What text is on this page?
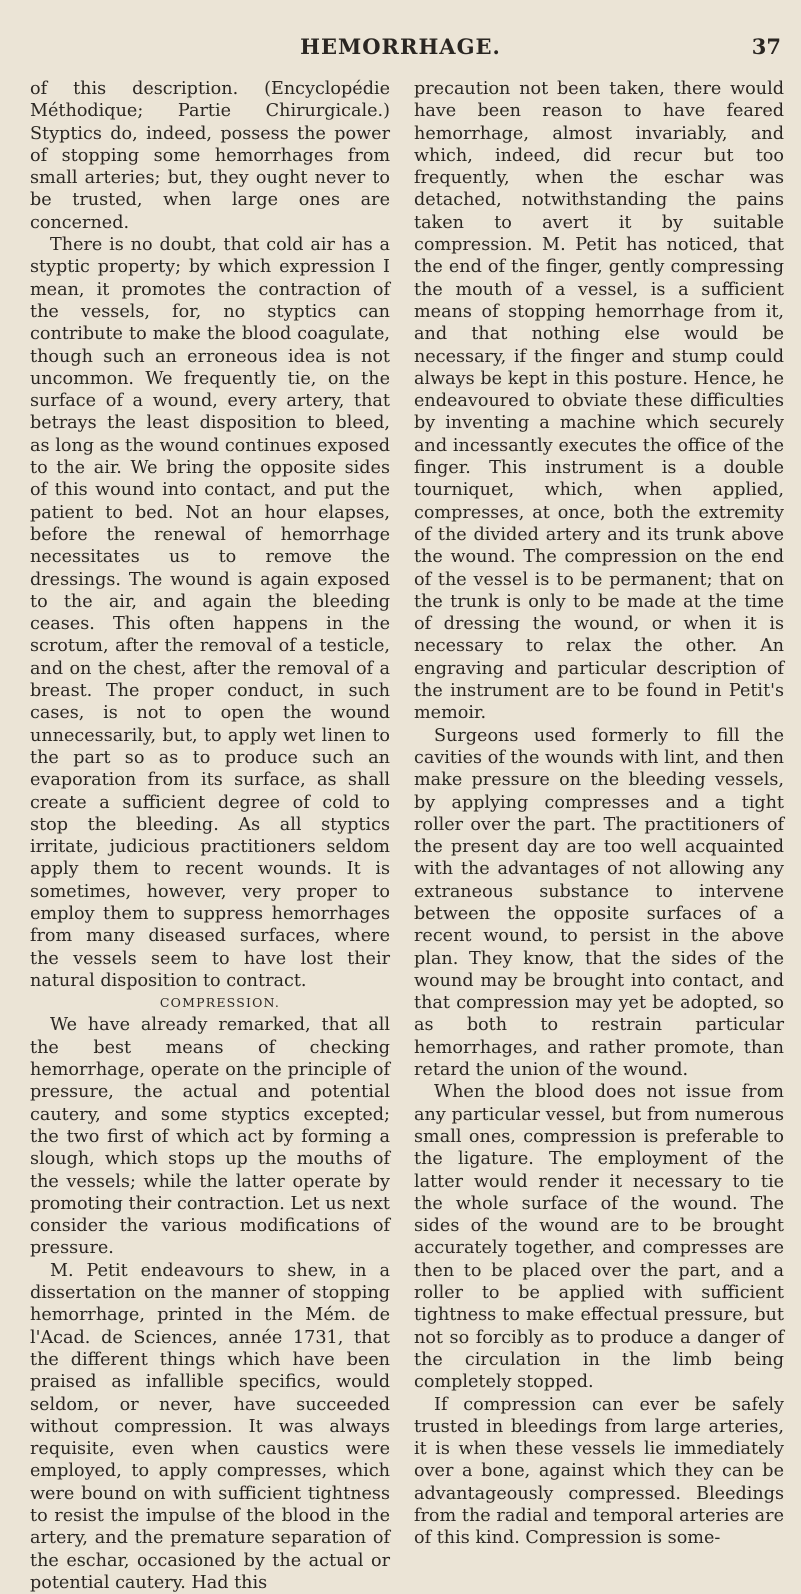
HEMORRHAGE.	37

of this description. (Encyclopédie Méthodique; Partie Chirurgicale.) Styptics do, indeed, possess the power of stopping some hemorrhages from small arteries; but, they ought never to be trusted, when large ones are concerned.

There is no doubt, that cold air has a styptic property; by which expression I mean, it promotes the contraction of the vessels, for, no styptics can contribute to make the blood coagulate, though such an erroneous idea is not uncommon. We frequently tie, on the surface of a wound, every artery, that betrays the least disposition to bleed, as long as the wound continues exposed to the air. We bring the opposite sides of this wound into contact, and put the patient to bed. Not an hour elapses, before the renewal of hemorrhage necessitates us to remove the dressings. The wound is again exposed to the air, and again the bleeding ceases. This often happens in the scrotum, after the removal of a testicle, and on the chest, after the removal of a breast. The proper conduct, in such cases, is not to open the wound unnecessarily, but, to apply wet linen to the part so as to produce such an evaporation from its surface, as shall create a sufficient degree of cold to stop the bleeding. As all styptics irritate, judicious practitioners seldom apply them to recent wounds. It is sometimes, however, very proper to employ them to suppress hemorrhages from many diseased surfaces, where the vessels seem to have lost their natural disposition to contract.

COMPRESSION.

We have already remarked, that all the best means of checking hemorrhage, operate on the principle of pressure, the actual and potential cautery, and some styptics excepted; the two first of which act by forming a slough, which stops up the mouths of the vessels; while the latter operate by promoting their contraction. Let us next consider the various modifications of pressure.

M. Petit endeavours to shew, in a dissertation on the manner of stopping hemorrhage, printed in the Mém. de l'Acad. de Sciences, année 1731, that the different things which have been praised as infallible specifics, would seldom, or never, have succeeded without compression. It was always requisite, even when caustics were employed, to apply compresses, which were bound on with sufficient tightness to resist the impulse of the blood in the artery, and the premature separation of the eschar, occasioned by the actual or potential cautery. Had this

precaution not been taken, there would have been reason to have feared hemorrhage, almost invariably, and which, indeed, did recur but too frequently, when the eschar was detached, notwithstanding the pains taken to avert it by suitable compression. M. Petit has noticed, that the end of the finger, gently compressing the mouth of a vessel, is a sufficient means of stopping hemorrhage from it, and that nothing else would be necessary, if the finger and stump could always be kept in this posture. Hence, he endeavoured to obviate these difficulties by inventing a machine which securely and incessantly executes the office of the finger. This instrument is a double tourniquet, which, when applied, compresses, at once, both the extremity of the divided artery and its trunk above the wound. The compression on the end of the vessel is to be permanent; that on the trunk is only to be made at the time of dressing the wound, or when it is necessary to relax the other. An engraving and particular description of the instrument are to be found in Petit's memoir.

Surgeons used formerly to fill the cavities of the wounds with lint, and then make pressure on the bleeding vessels, by applying compresses and a tight roller over the part. The practitioners of the present day are too well acquainted with the advantages of not allowing any extraneous substance to intervene between the opposite surfaces of a recent wound, to persist in the above plan. They know, that the sides of the wound may be brought into contact, and that compression may yet be adopted, so as both to restrain particular hemorrhages, and rather promote, than retard the union of the wound.

When the blood does not issue from any particular vessel, but from numerous small ones, compression is preferable to the ligature. The employment of the latter would render it necessary to tie the whole surface of the wound. The sides of the wound are to be brought accurately together, and compresses are then to be placed over the part, and a roller to be applied with sufficient tightness to make effectual pressure, but not so forcibly as to produce a danger of the circulation in the limb being completely stopped.

If compression can ever be safely trusted in bleedings from large arteries, it is when these vessels lie immediately over a bone, against which they can be advantageously compressed. Bleedings from the radial and temporal arteries are of this kind. Compression is some-
